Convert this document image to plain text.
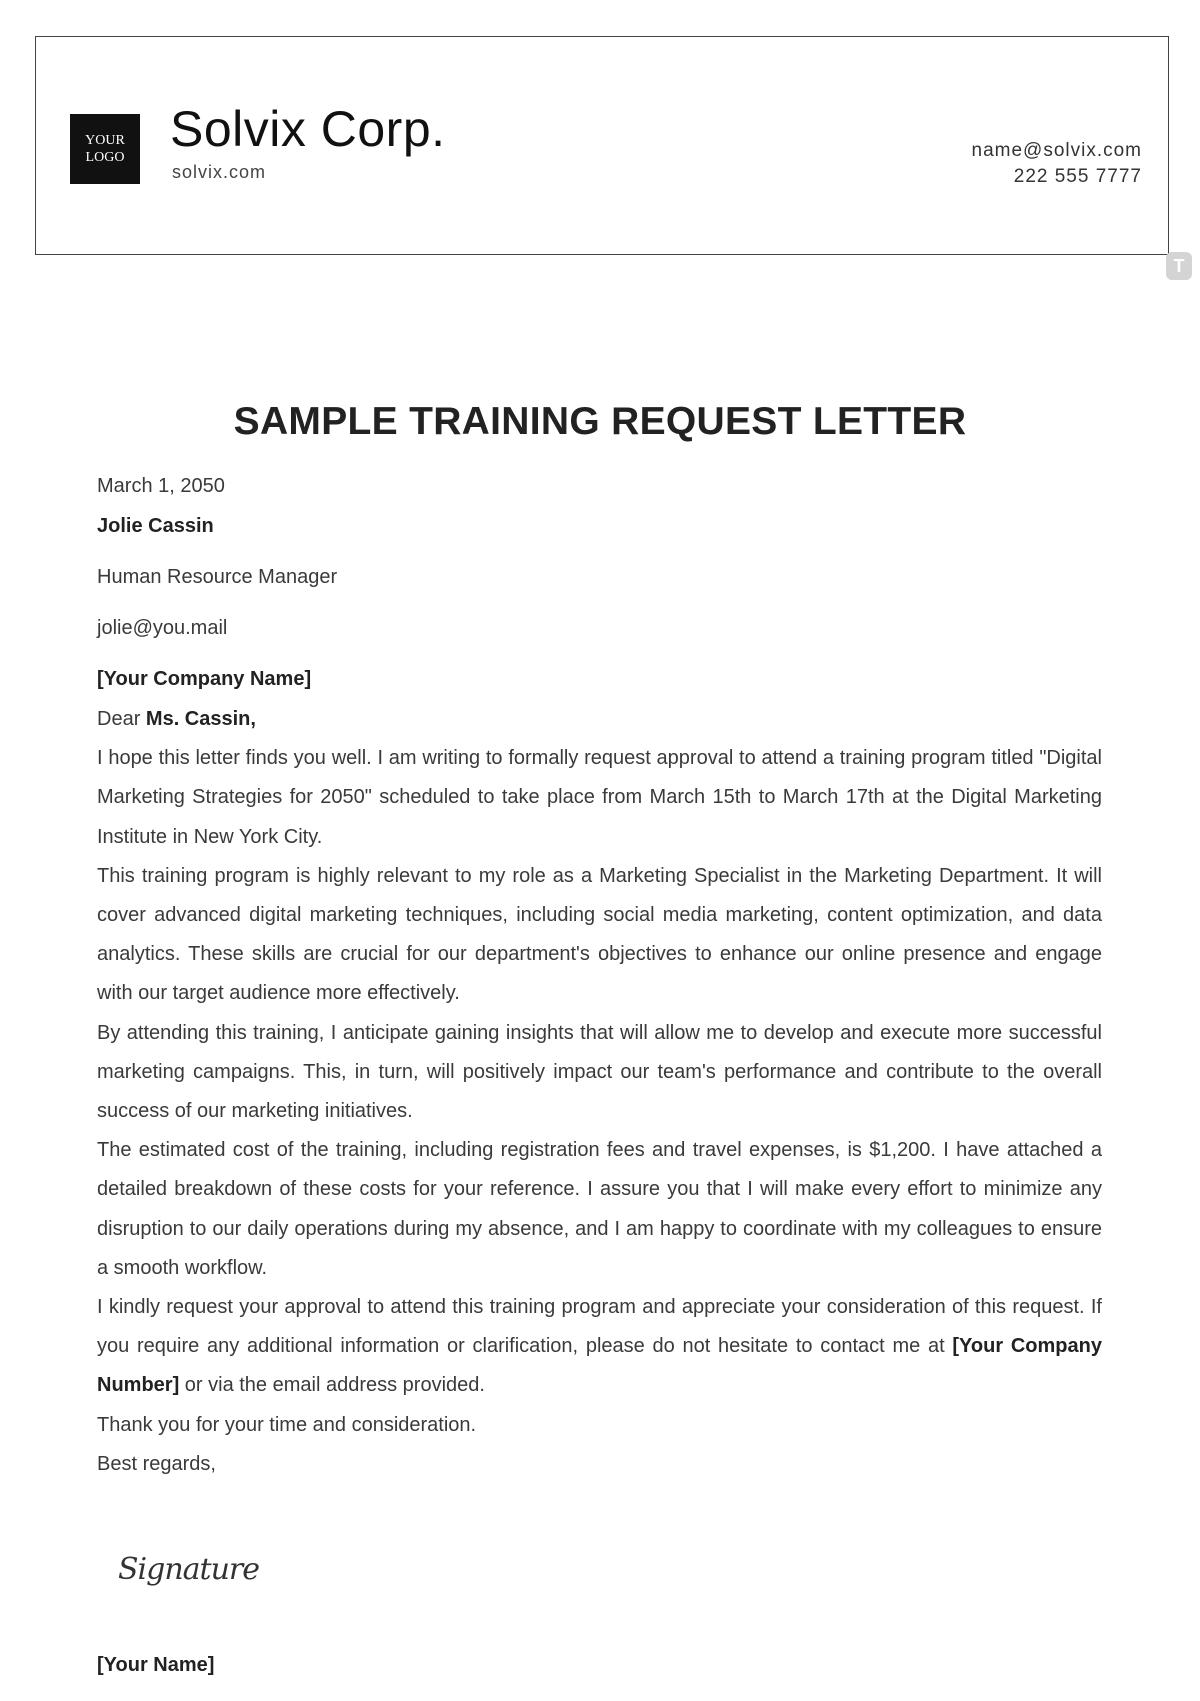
YOUR
LOGO
Solvix Corp.
solvix.com
name@solvix.com
222 555 7777
T
SAMPLE TRAINING REQUEST LETTER
March 1, 2050
Jolie Cassin
Human Resource Manager
jolie@you.mail
[Your Company Name]

Dear Ms. Cassin,

I hope this letter finds you well. I am writing to formally request approval to attend a training program titled "Digital Marketing Strategies for 2050" scheduled to take place from March 15th to March 17th at the Digital Marketing Institute in New York City.

This training program is highly relevant to my role as a Marketing Specialist in the Marketing Department. It will cover advanced digital marketing techniques, including social media marketing, content optimization, and data analytics. These skills are crucial for our department's objectives to enhance our online presence and engage with our target audience more effectively.

By attending this training, I anticipate gaining insights that will allow me to develop and execute more successful marketing campaigns. This, in turn, will positively impact our team's performance and contribute to the overall success of our marketing initiatives.

The estimated cost of the training, including registration fees and travel expenses, is $1,200. I have attached a detailed breakdown of these costs for your reference. I assure you that I will make every effort to minimize any disruption to our daily operations during my absence, and I am happy to coordinate with my colleagues to ensure a smooth workflow.

I kindly request your approval to attend this training program and appreciate your consideration of this request. If you require any additional information or clarification, please do not hesitate to contact me at [Your Company Number] or via the email address provided.

Thank you for your time and consideration.

Best regards,

Signature
[Your Name]
